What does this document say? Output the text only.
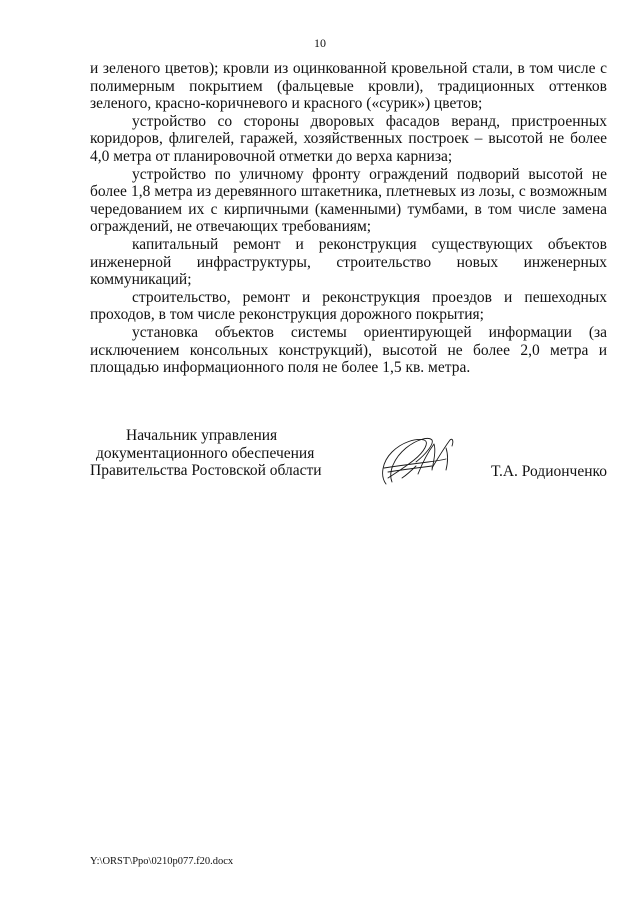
10

и зеленого цветов); кровли из оцинкованной кровельной стали, в том числе с полимерным покрытием (фальцевые кровли), традиционных оттенков зеленого, красно-коричневого и красного («сурик») цветов;

устройство со стороны дворовых фасадов веранд, пристроенных коридоров, флигелей, гаражей, хозяйственных построек – высотой не более 4,0 метра от планировочной отметки до верха карниза;

устройство по уличному фронту ограждений подворий высотой не более 1,8 метра из деревянного штакетника, плетневых из лозы, с возможным чередованием их с кирпичными (каменными) тумбами, в том числе замена ограждений, не отвечающих требованиям;

капитальный ремонт и реконструкция существующих объектов инженерной инфраструктуры, строительство новых инженерных коммуникаций;

строительство, ремонт и реконструкция проездов и пешеходных проходов, в том числе реконструкция дорожного покрытия;

установка объектов системы ориентирующей информации (за исключением консольных конструкций), высотой не более 2,0 метра и площадью информационного поля не более 1,5 кв. метра.

Начальник управления
документационного обеспечения
Правительства Ростовской области	Т.А. Родионченко
Y:\ORST\Ppo\0210p077.f20.docx
